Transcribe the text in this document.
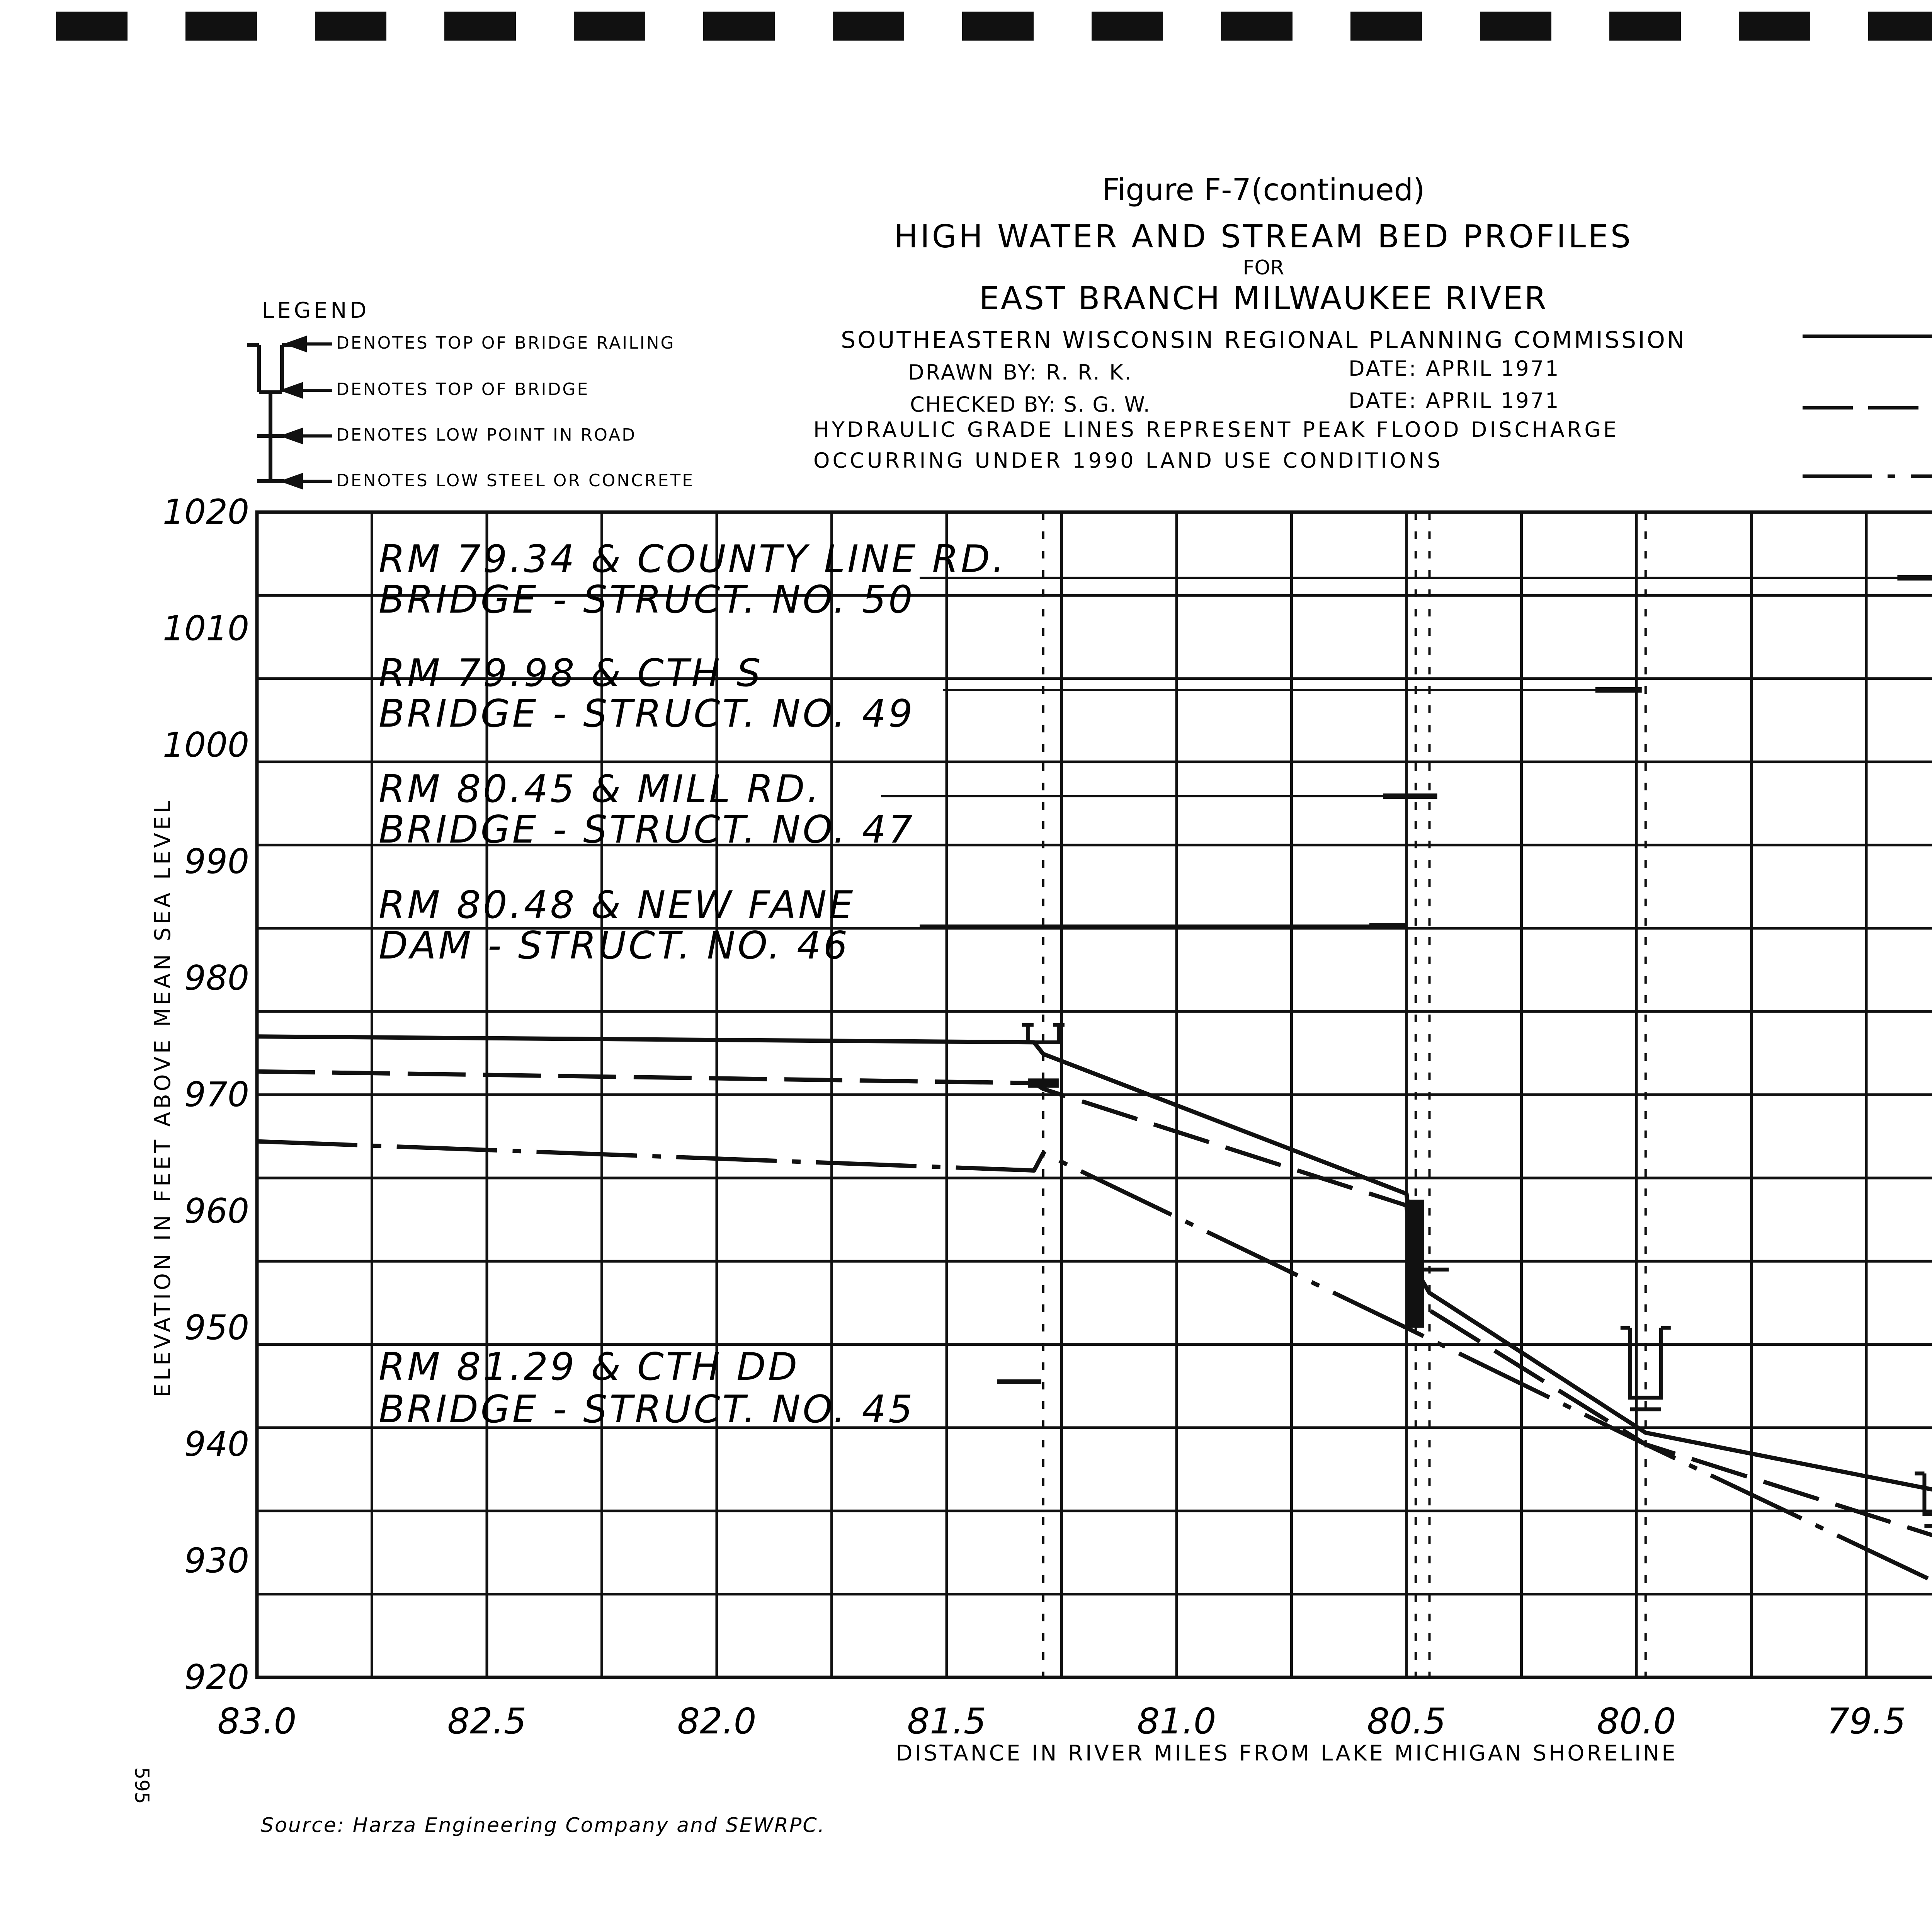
Figure F-7(continued)
HIGH WATER AND STREAM BED PROFILES
FOR
EAST BRANCH MILWAUKEE RIVER
SOUTHEASTERN WISCONSIN REGIONAL PLANNING COMMISSION
DRAWN BY: R. R. K.	DATE: APRIL 1971
CHECKED BY: S. G. W.	DATE: APRIL 1971
HYDRAULIC GRADE LINES REPRESENT PEAK FLOOD DISCHARGE
OCCURRING UNDER 1990 LAND USE CONDITIONS
LEGEND
DENOTES TOP OF BRIDGE RAILING
DENOTES TOP OF BRIDGE
DENOTES LOW POINT IN ROAD
DENOTES LOW STEEL OR CONCRETE
RM 81.29 & CTH DD
BRIDGE - STRUCT. NO. 45
RM 80.48 & NEW FANE
DAM - STRUCT. NO. 46
RM 80.45 & MILL RD.
BRIDGE - STRUCT. NO. 47
RM 79.98 & CTH S
BRIDGE - STRUCT. NO. 49
RM 79.34 & COUNTY LINE RD.
BRIDGE - STRUCT. NO. 50
83.0	82.5	82.0	81.5	81.0	80.5	80.0	79.5
920
930
940
950
960
970
980
990
1000
1010
1020
DISTANCE IN RIVER MILES FROM LAKE MICHIGAN SHORELINE
ELEVATION IN FEET ABOVE MEAN SEA LEVEL
595
Source: Harza Engineering Company and SEWRPC.
